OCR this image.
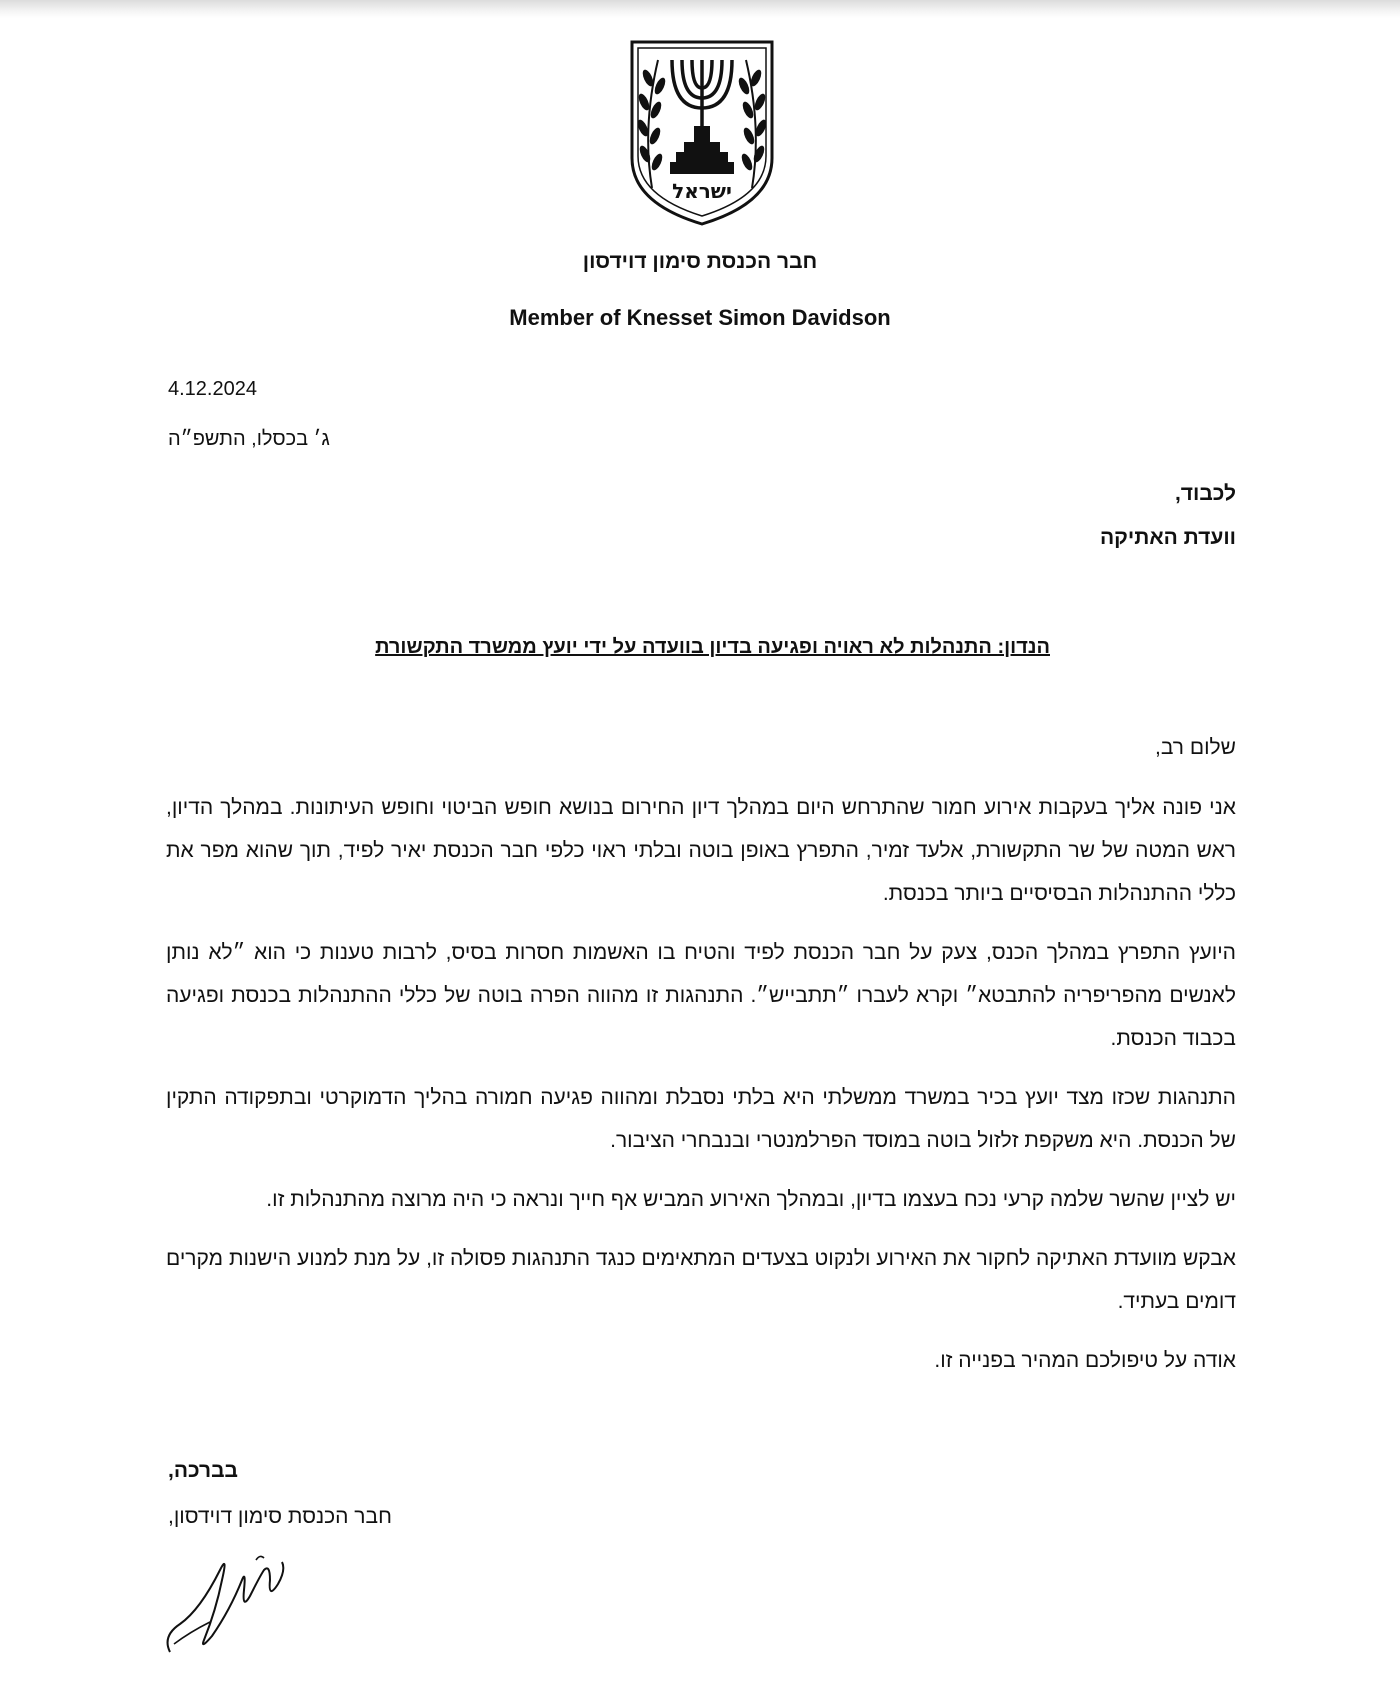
ישראל
חבר הכנסת סימון דוידסון
Member of Knesset Simon Davidson
4.12.2024
ג׳ בכסלו, התשפ״ה
לכבוד,
וועדת האתיקה
הנדון: התנהלות לא ראויה ופגיעה בדיון בוועדה על ידי יועץ ממשרד התקשורת
שלום רב,

אני פונה אליך בעקבות אירוע חמור שהתרחש היום במהלך דיון החירום בנושא חופש הביטוי וחופש העיתונות. במהלך הדיון, ראש המטה של שר התקשורת, אלעד זמיר, התפרץ באופן בוטה ובלתי ראוי כלפי חבר הכנסת יאיר לפיד, תוך שהוא מפר את כללי ההתנהלות הבסיסיים ביותר בכנסת.

היועץ התפרץ במהלך הכנס, צעק על חבר הכנסת לפיד והטיח בו האשמות חסרות בסיס, לרבות טענות כי הוא ״לא נותן לאנשים מהפריפריה להתבטא״ וקרא לעברו ״תתבייש״. התנהגות זו מהווה הפרה בוטה של כללי ההתנהלות בכנסת ופגיעה בכבוד הכנסת.

התנהגות שכזו מצד יועץ בכיר במשרד ממשלתי היא בלתי נסבלת ומהווה פגיעה חמורה בהליך הדמוקרטי ובתפקודה התקין של הכנסת. היא משקפת זלזול בוטה במוסד הפרלמנטרי ובנבחרי הציבור.

יש לציין שהשר שלמה קרעי נכח בעצמו בדיון, ובמהלך האירוע המביש אף חייך ונראה כי היה מרוצה מהתנהלות זו.

אבקש מוועדת האתיקה לחקור את האירוע ולנקוט בצעדים המתאימים כנגד התנהגות פסולה זו, על מנת למנוע הישנות מקרים דומים בעתיד.

אודה על טיפולכם המהיר בפנייה זו.

בברכה,
חבר הכנסת סימון דוידסון,
